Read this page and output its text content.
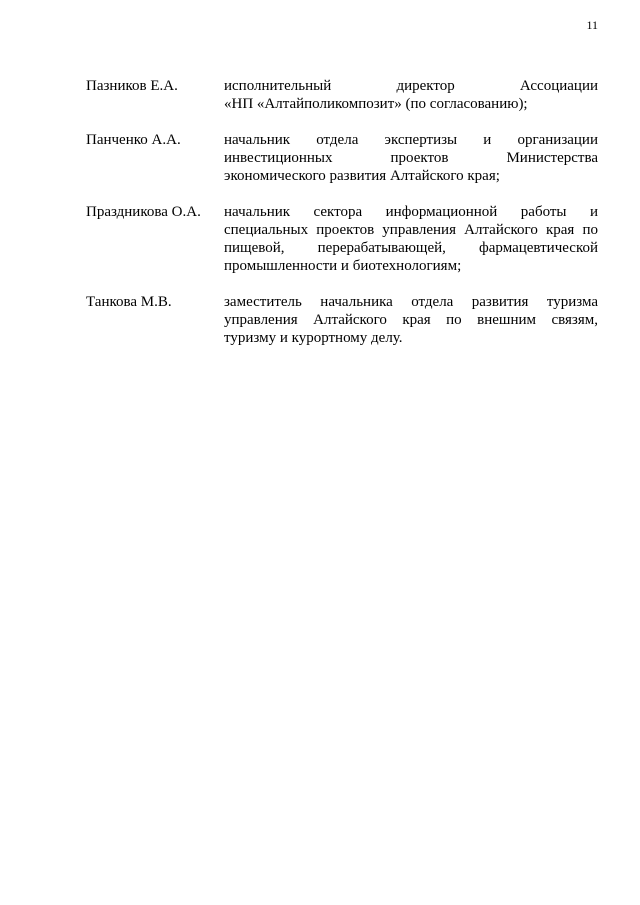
11
Пазников Е.А.	исполнительный директор Ассоциации
«НП «Алтайполикомпозит» (по согласованию);
Панченко А.А.	начальник отдела экспертизы и организации
инвестиционных проектов Министерства
экономического развития Алтайского края;
Праздникова О.А.	начальник сектора информационной работы и
специальных проектов управления Алтайского края по
пищевой, перерабатывающей, фармацевтической
промышленности и биотехнологиям;
Танкова М.В.	заместитель начальника отдела развития туризма
управления Алтайского края по внешним связям,
туризму и курортному делу.
